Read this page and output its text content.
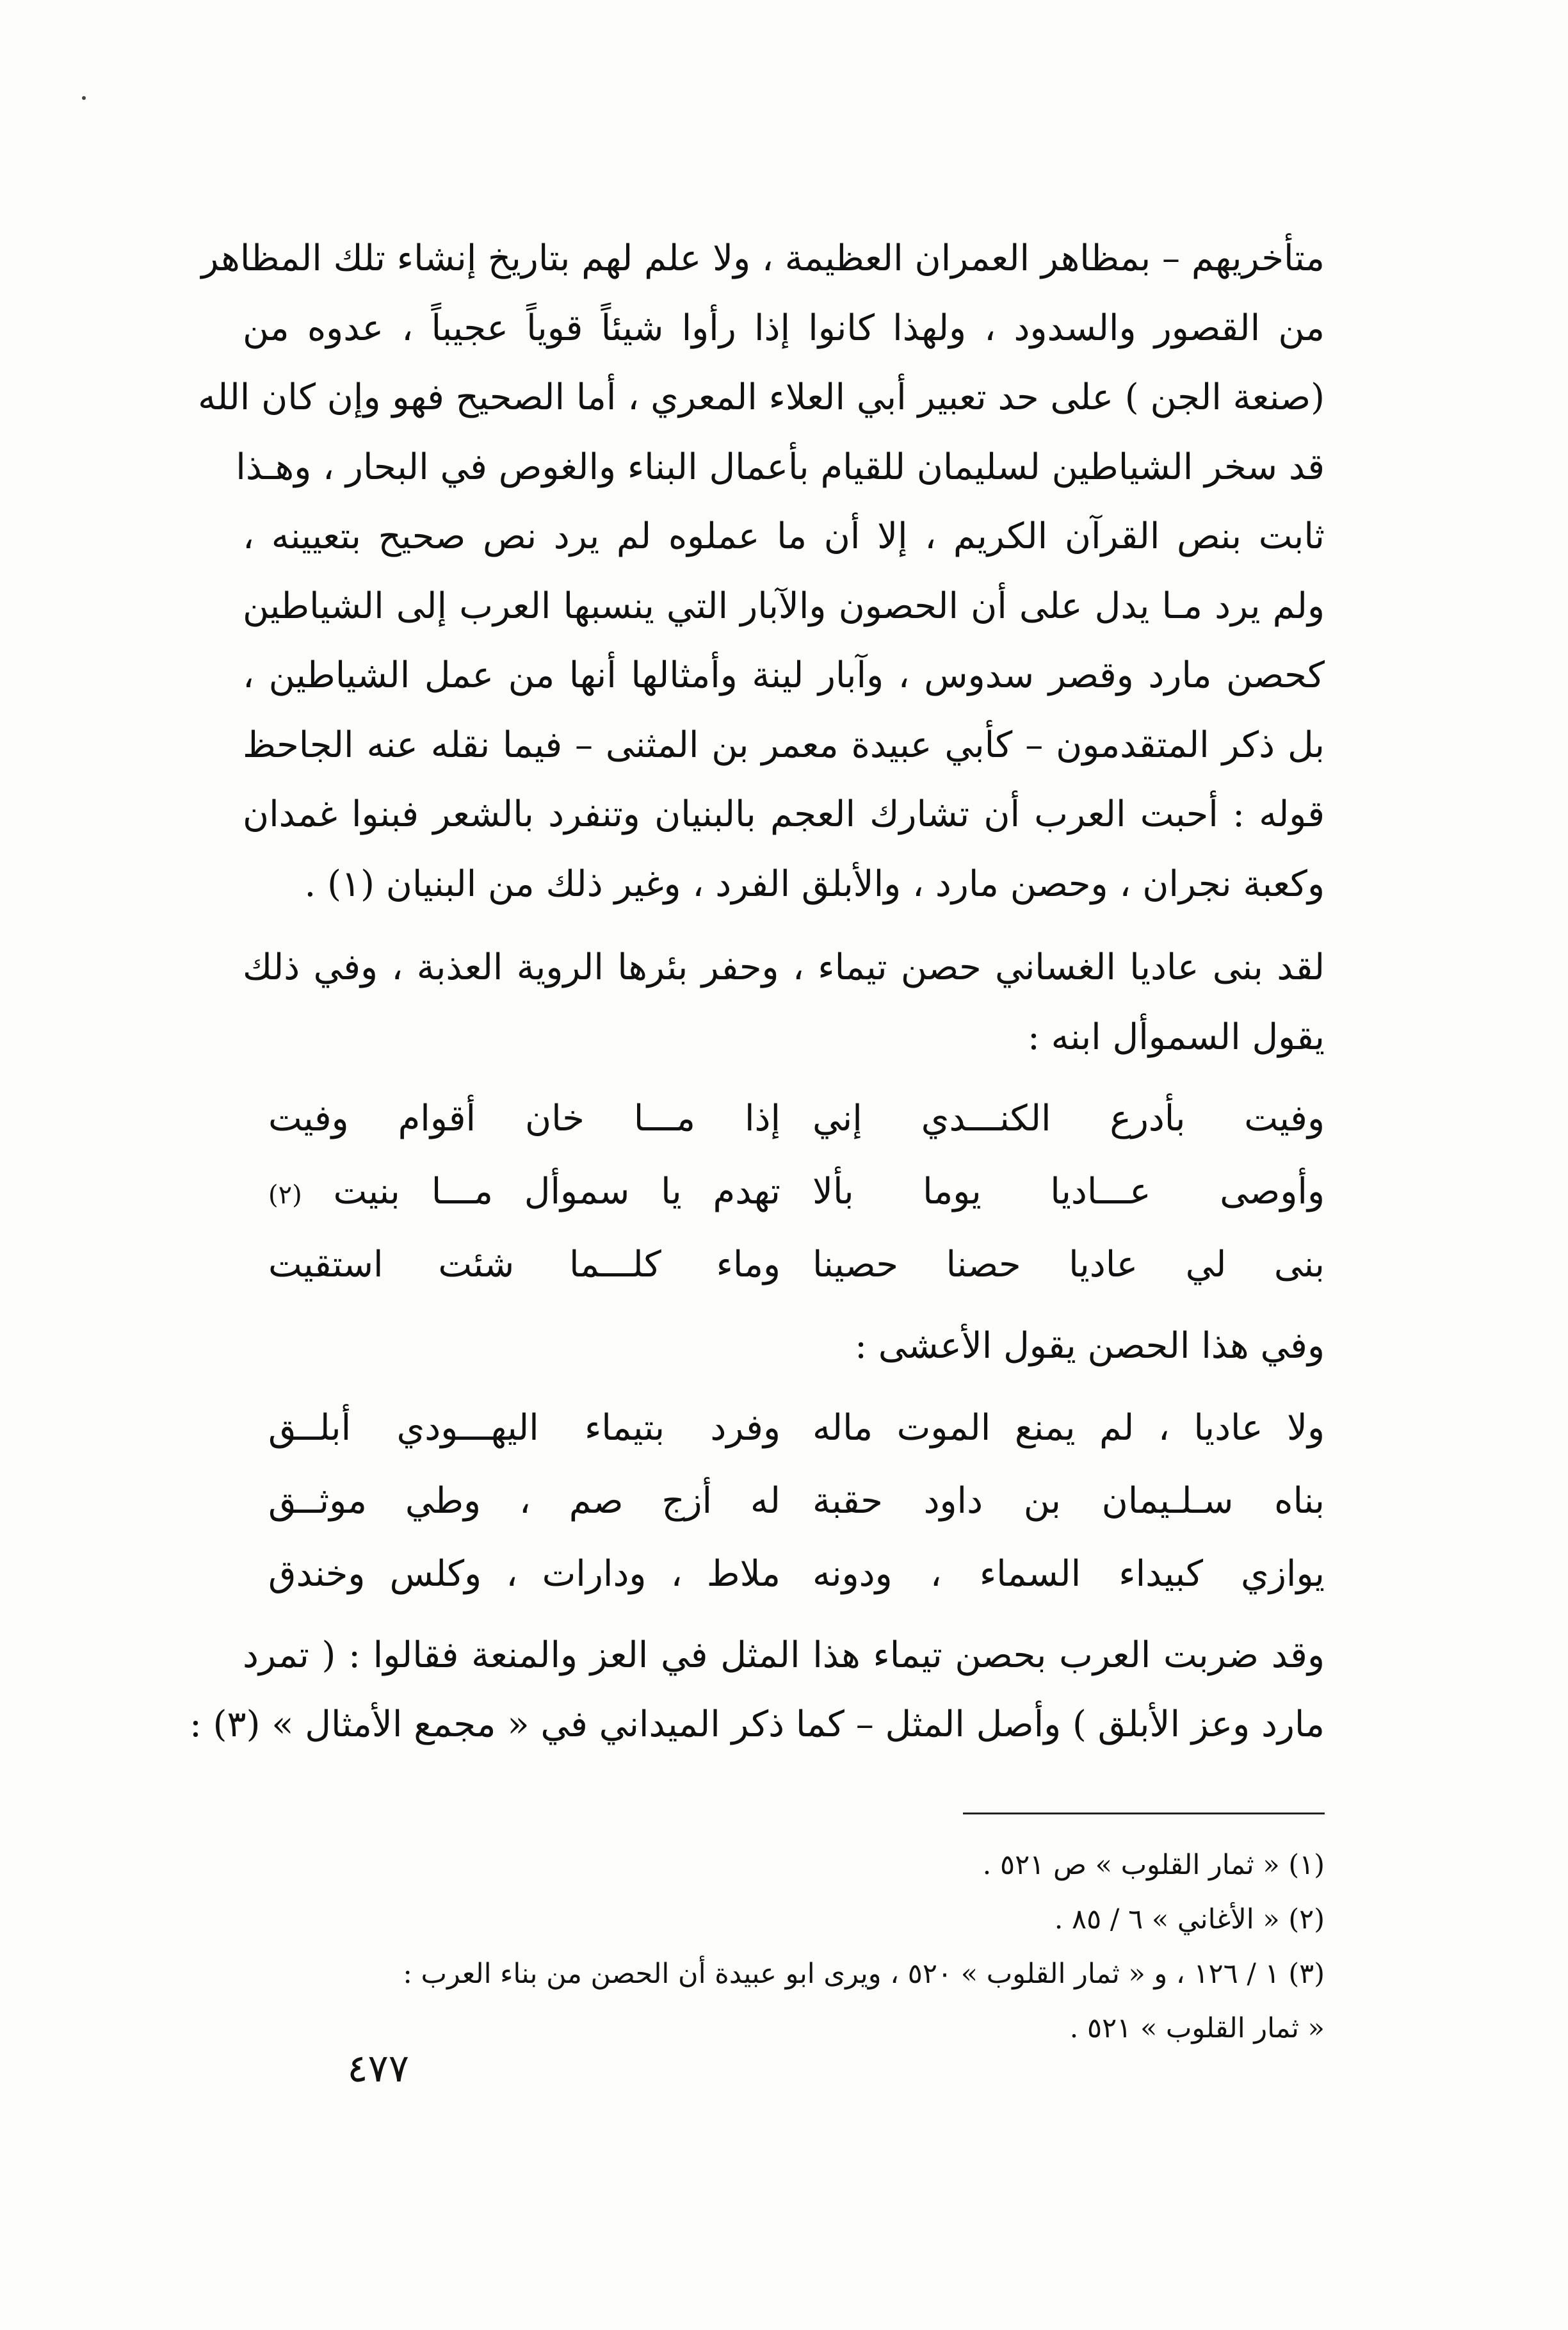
متأخريهم – بمظاهر العمران العظيمة ، ولا علم لهم بتاريخ إنشاء تلك المظاهر
من القصور والسدود ، ولهذا كانوا إذا رأوا شيئاً قوياً عجيباً ، عدوه من
(صنعة الجن ) على حد تعبير أبي العلاء المعري ، أما الصحيح فهو وإن كان الله
قد سخر الشياطين لسليمان للقيام بأعمال البناء والغوص في البحار ، وهـذا
ثابت بنص القرآن الكريم ، إلا أن ما عملوه لم يرد نص صحيح بتعيينه ،
ولم يرد مـا يدل على أن الحصون والآبار التي ينسبها العرب إلى الشياطين
كحصن مارد وقصر سدوس ، وآبار لينة وأمثالها أنها من عمل الشياطين ،
بل ذكر المتقدمون – كأبي عبيدة معمر بن المثنى – فيما نقله عنه الجاحظ
قوله : أحبت العرب أن تشارك العجم بالبنيان وتنفرد بالشعر فبنوا غمدان
وكعبة نجران ، وحصن مارد ، والأبلق الفرد ، وغير ذلك من البنيان (١) .
لقد بنى عاديا الغساني حصن تيماء ، وحفر بئرها الروية العذبة ، وفي ذلك
يقول السموأل ابنه :
وفيت بأدرع الكنـــدي إني
إذا مـــا خان أقوام وفيت
وأوصى عـــاديا يوما بألا
تهدم يا سموأل مـــا بنيت (٢)
بنى لي عاديا حصنا حصينا
وماء كلـــما شئت استقيت
وفي هذا الحصن يقول الأعشى :
ولا عاديا ، لم يمنع الموت ماله
وفرد بتيماء اليهـــودي أبلــق
بناه سـلـيمان بن داود حقبة
له أزج صم ، وطي موثــق
يوازي كبيداء السماء ، ودونه
ملاط ، ودارات ، وكلس وخندق
وقد ضربت العرب بحصن تيماء هذا المثل في العز والمنعة فقالوا : ( تمرد
مارد وعز الأبلق ) وأصل المثل – كما ذكر الميداني في « مجمع الأمثال » (٣) :
(١) « ثمار القلوب » ص ٥٢١ .
(٢) « الأغاني » ٦ / ٨٥ .
(٣) ١ / ١٢٦ ، و « ثمار القلوب » ٥٢٠ ، ويرى ابو عبيدة أن الحصن من بناء العرب :
« ثمار القلوب » ٥٢١ .
٤٧٧
